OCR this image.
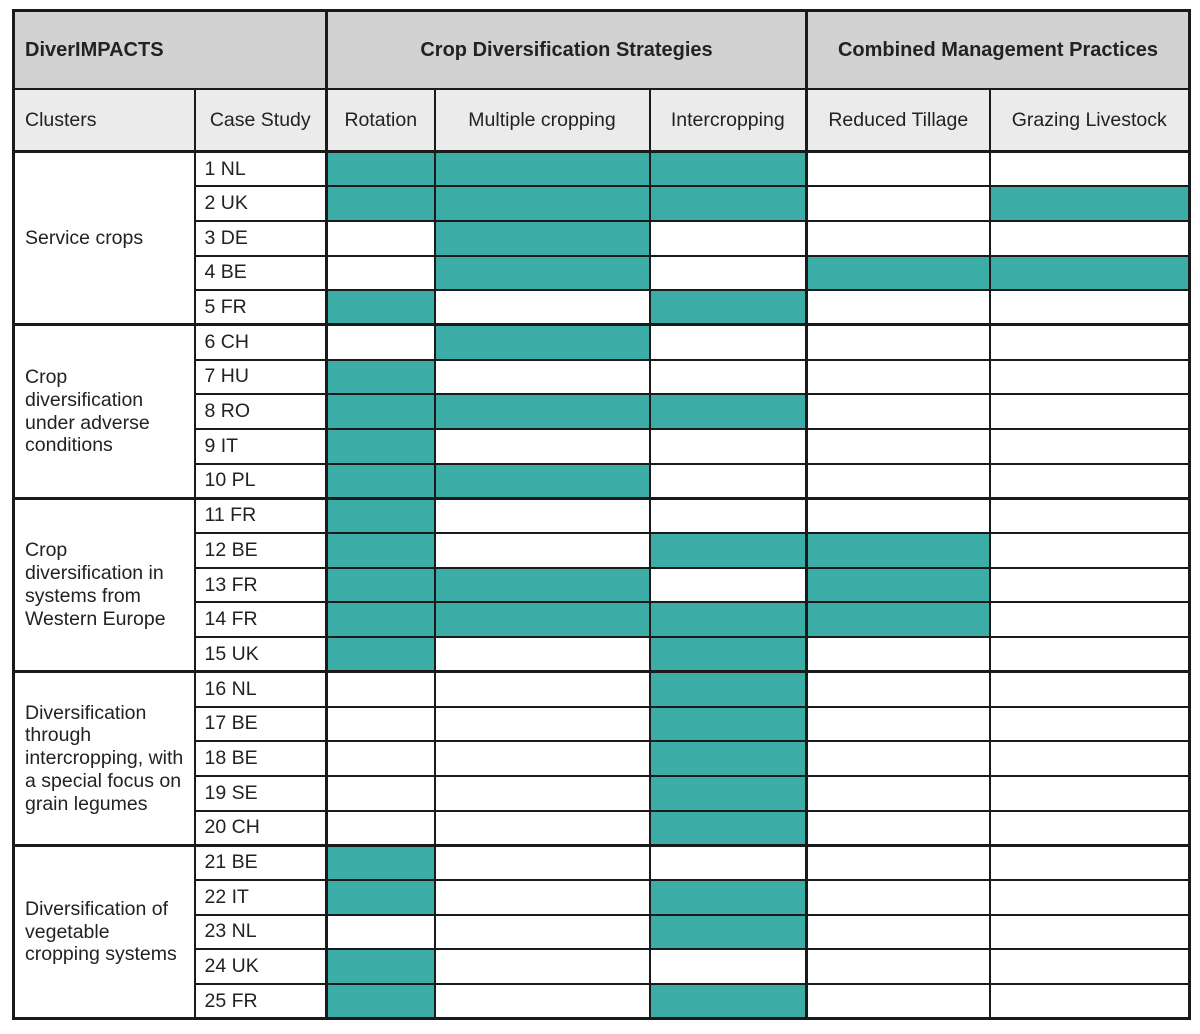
DiverIMPACTS		Crop Diversification Strategies			Combined Management Practices	
Clusters	Case Study	Rotation	Multiple cropping	Intercropping	Reduced Tillage	Grazing Livestock
Service crops	1 NL					
	2 UK					
	3 DE					
	4 BE					
	5 FR					
Crop diversification under adverse conditions	6 CH					
	7 HU					
	8 RO					
	9 IT					
	10 PL					
Crop diversification in systems from Western Europe	11 FR					
	12 BE					
	13 FR					
	14 FR					
	15 UK					
Diversification through intercropping, with a special focus on grain legumes	16 NL					
	17 BE					
	18 BE					
	19 SE					
	20 CH					
Diversification of vegetable cropping systems	21 BE					
	22 IT					
	23 NL					
	24 UK					
	25 FR					
